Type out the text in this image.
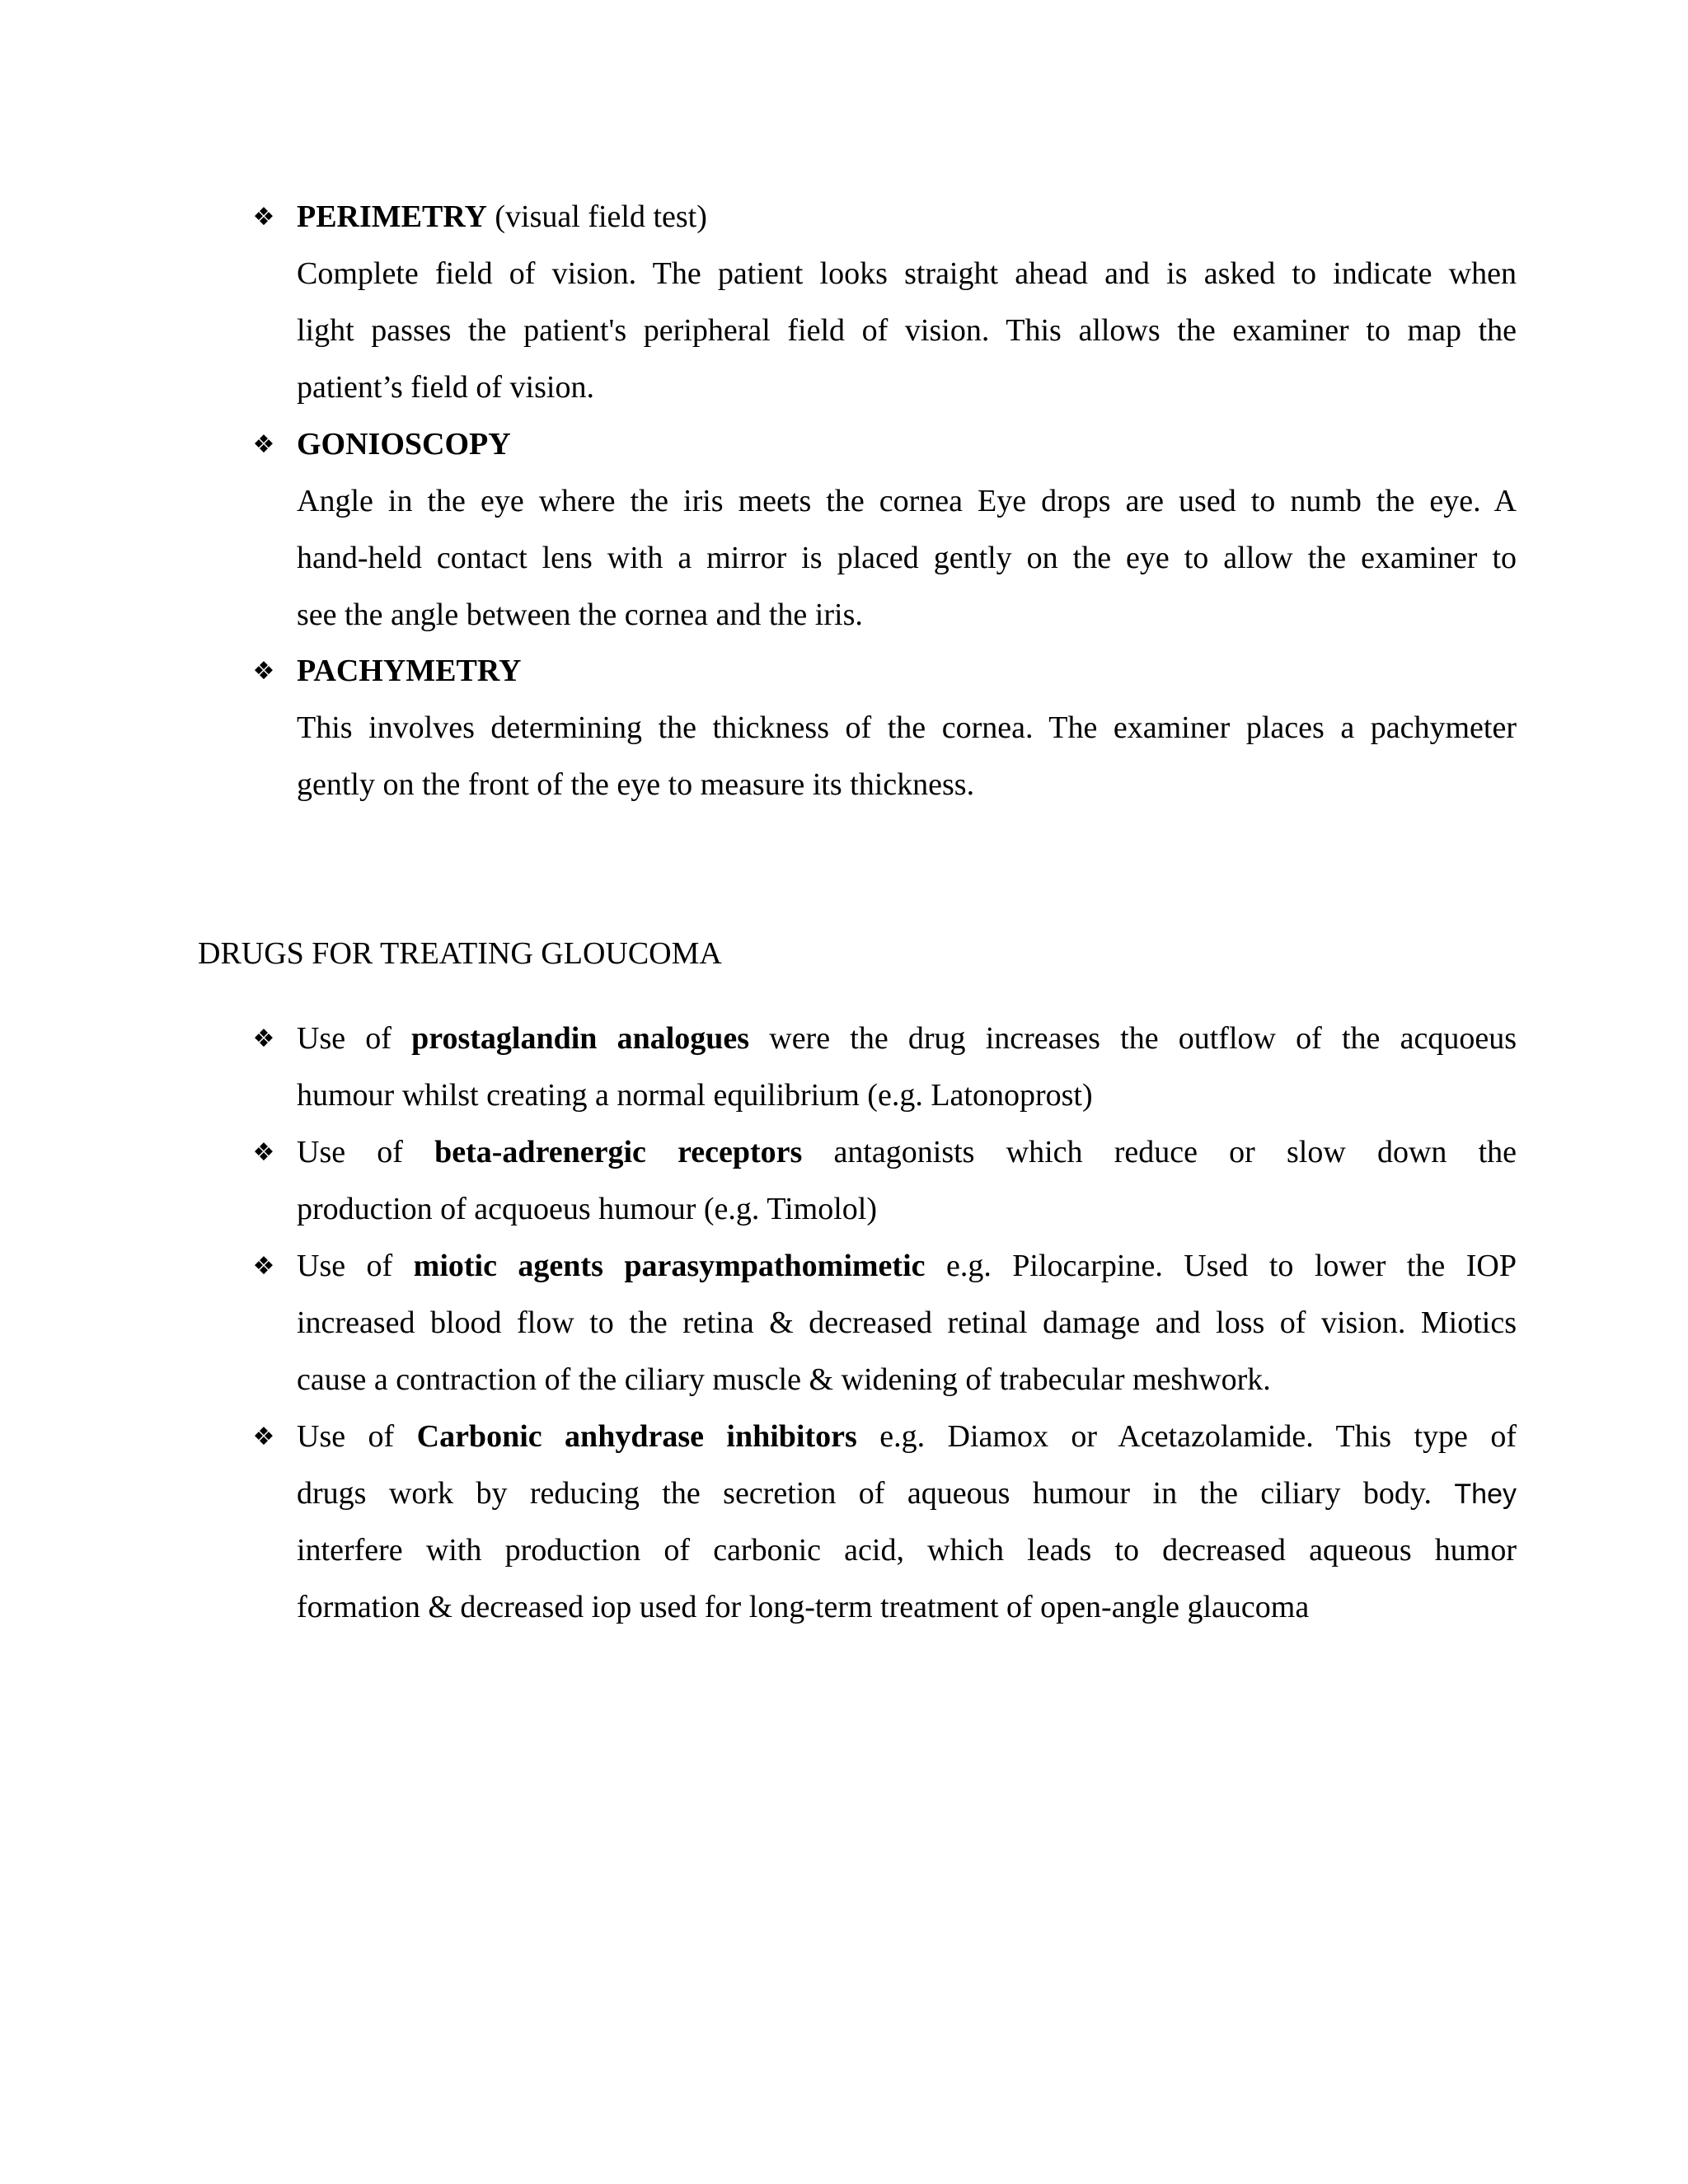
❖ PERIMETRY (visual field test)
Complete field of vision. The patient looks straight ahead and is asked to indicate when
light passes the patient's peripheral field of vision. This allows the examiner to map the
patient’s field of vision.
❖ GONIOSCOPY
Angle in the eye where the iris meets the cornea Eye drops are used to numb the eye. A
hand-held contact lens with a mirror is placed gently on the eye to allow the examiner to
see the angle between the cornea and the iris.
❖ PACHYMETRY
This involves determining the thickness of the cornea. The examiner places a pachymeter
gently on the front of the eye to measure its thickness.
DRUGS FOR TREATING GLOUCOMA
❖ Use of prostaglandin analogues were the drug increases the outflow of the acquoeus
humour whilst creating a normal equilibrium (e.g. Latonoprost)
❖ Use of beta-adrenergic receptors antagonists which reduce or slow down the
production of acquoeus humour (e.g. Timolol)
❖ Use of miotic agents parasympathomimetic e.g. Pilocarpine. Used to lower the IOP
increased blood flow to the retina & decreased retinal damage and loss of vision. Miotics
cause a contraction of the ciliary muscle & widening of trabecular meshwork.
❖ Use of Carbonic anhydrase inhibitors e.g. Diamox or Acetazolamide. This type of
drugs work by reducing the secretion of aqueous humour in the ciliary body. They
interfere with production of carbonic acid, which leads to decreased aqueous humor
formation & decreased iop used for long-term treatment of open-angle glaucoma
